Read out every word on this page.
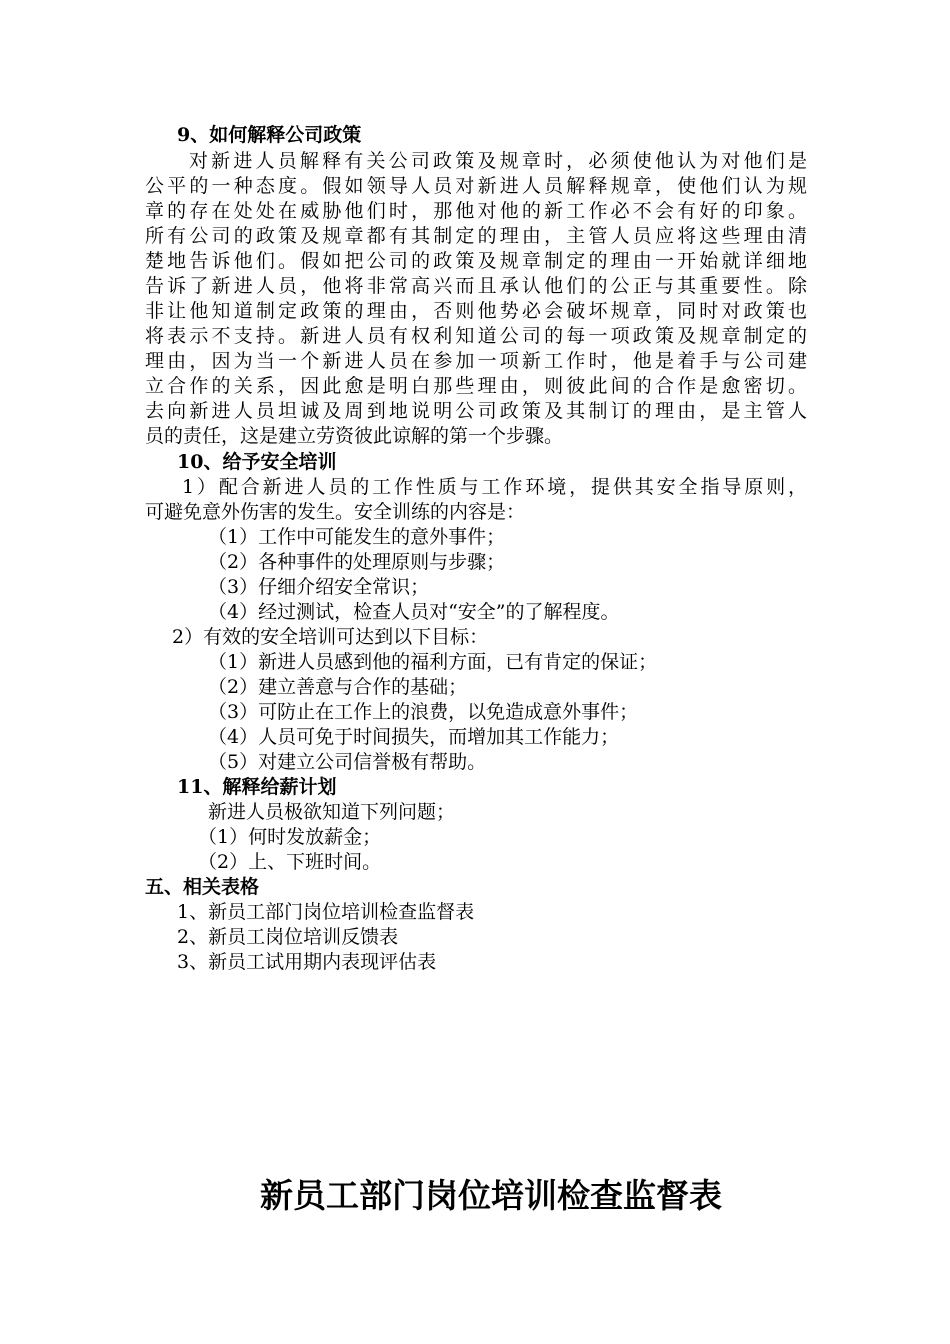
9、如何解释公司政策
对新进人员解释有关公司政策及规章时，必须使他认为对他们是
公平的一种态度。假如领导人员对新进人员解释规章，使他们认为规
章的存在处处在威胁他们时，那他对他的新工作必不会有好的印象。
所有公司的政策及规章都有其制定的理由，主管人员应将这些理由清
楚地告诉他们。假如把公司的政策及规章制定的理由一开始就详细地
告诉了新进人员，他将非常高兴而且承认他们的公正与其重要性。除
非让他知道制定政策的理由，否则他势必会破坏规章，同时对政策也
将表示不支持。新进人员有权利知道公司的每一项政策及规章制定的
理由，因为当一个新进人员在参加一项新工作时，他是着手与公司建
立合作的关系，因此愈是明白那些理由，则彼此间的合作是愈密切。
去向新进人员坦诚及周到地说明公司政策及其制订的理由，是主管人
员的责任，这是建立劳资彼此谅解的第一个步骤。
10、给予安全培训
1）配合新进人员的工作性质与工作环境，提供其安全指导原则，
可避免意外伤害的发生。安全训练的内容是：
（1）工作中可能发生的意外事件；
（2）各种事件的处理原则与步骤；
（3）仔细介绍安全常识；
（4）经过测试，检查人员对“安全”的了解程度。
2）有效的安全培训可达到以下目标：
（1）新进人员感到他的福利方面，已有肯定的保证；
（2）建立善意与合作的基础；
（3）可防止在工作上的浪费，以免造成意外事件；
（4）人员可免于时间损失，而增加其工作能力；
（5）对建立公司信誉极有帮助。
11、解释给薪计划
新进人员极欲知道下列问题；
（1）何时发放薪金；
（2）上、下班时间。
五、相关表格
1、新员工部门岗位培训检查监督表
2、新员工岗位培训反馈表
3、新员工试用期内表现评估表
新员工部门岗位培训检查监督表
